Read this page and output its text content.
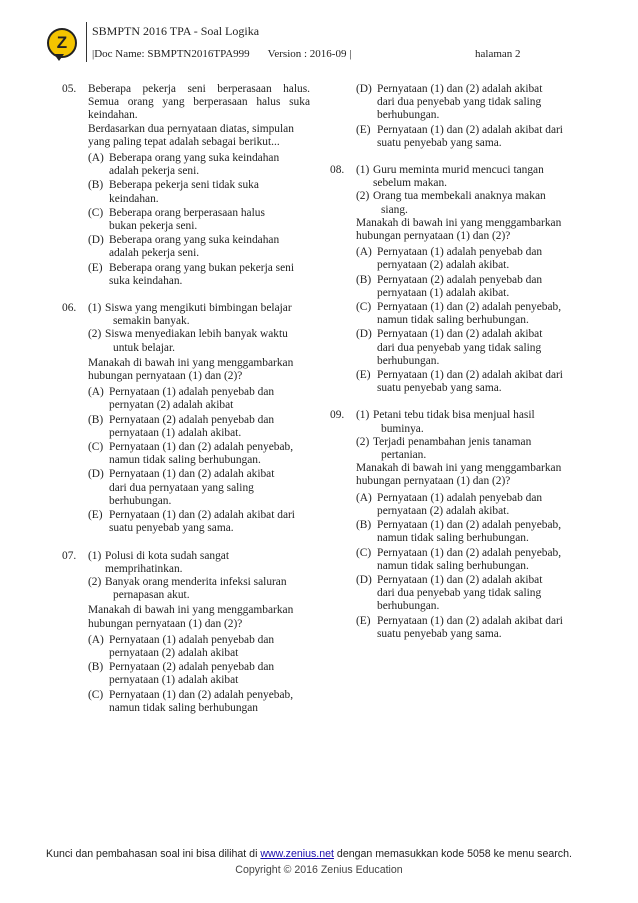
Z
SBMPTN 2016 TPA - Soal Logika
|Doc Name: SBMPTN2016TPA999 Version : 2016-09 |	halaman 2
05.	Beberapa pekerja seni berperasaan halus.
Semua orang yang berperasaan halus suka
keindahan.
Berdasarkan dua pernyataan diatas, simpulan
yang paling tepat adalah sebagai berikut...
(A) Beberapa orang yang suka keindahan
adalah pekerja seni.
(B) Beberapa pekerja seni tidak suka
keindahan.
(C) Beberapa orang berperasaan halus
bukan pekerja seni.
(D) Beberapa orang yang suka keindahan
adalah pekerja seni.
(E) Beberapa orang yang bukan pekerja seni
suka keindahan.
06.	(1) Siswa yang mengikuti bimbingan belajar
semakin banyak.
(2) Siswa menyediakan lebih banyak waktu
untuk belajar.
Manakah di bawah ini yang menggambarkan
hubungan pernyataan (1) dan (2)?
(A) Pernyataan (1) adalah penyebab dan
pernyatan (2) adalah akibat
(B) Pernyataan (2) adalah penyebab dan
pernyataan (1) adalah akibat.
(C) Pernyataan (1) dan (2) adalah penyebab,
namun tidak saling berhubungan.
(D) Pernyataan (1) dan (2) adalah akibat
dari dua pernyataan yang saling
berhubungan.
(E) Pernyataan (1) dan (2) adalah akibat dari
suatu penyebab yang sama.
07.	(1) Polusi di kota sudah sangat
memprihatinkan.
(2) Banyak orang menderita infeksi saluran
pernapasan akut.
Manakah di bawah ini yang menggambarkan
hubungan pernyataan (1) dan (2)?
(A) Pernyataan (1) adalah penyebab dan
pernyataan (2) adalah akibat
(B) Pernyataan (2) adalah penyebab dan
pernyataan (1) adalah akibat
(C) Pernyataan (1) dan (2) adalah penyebab,
namun tidak saling berhubungan
(D) Pernyataan (1) dan (2) adalah akibat
dari dua penyebab yang tidak saling
berhubungan.
(E) Pernyataan (1) dan (2) adalah akibat dari
suatu penyebab yang sama.
08.	(1) Guru meminta murid mencuci tangan
sebelum makan.
(2) Orang tua membekali anaknya makan
siang.
Manakah di bawah ini yang menggambarkan
hubungan pernyataan (1) dan (2)?
(A) Pernyataan (1) adalah penyebab dan
pernyataan (2) adalah akibat.
(B) Pernyataan (2) adalah penyebab dan
pernyataan (1) adalah akibat.
(C) Pernyataan (1) dan (2) adalah penyebab,
namun tidak saling berhubungan.
(D) Pernyataan (1) dan (2) adalah akibat
dari dua penyebab yang tidak saling
berhubungan.
(E) Pernyataan (1) dan (2) adalah akibat dari
suatu penyebab yang sama.
09.	(1) Petani tebu tidak bisa menjual hasil
buminya.
(2) Terjadi penambahan jenis tanaman
pertanian.
Manakah di bawah ini yang menggambarkan
hubungan pernyataan (1) dan (2)?
(A) Pernyataan (1) adalah penyebab dan
pernyataan (2) adalah akibat.
(B) Pernyataan (1) dan (2) adalah penyebab,
namun tidak saling berhubungan.
(C) Pernyataan (1) dan (2) adalah penyebab,
namun tidak saling berhubungan.
(D) Pernyataan (1) dan (2) adalah akibat
dari dua penyebab yang tidak saling
berhubungan.
(E) Pernyataan (1) dan (2) adalah akibat dari
suatu penyebab yang sama.
Kunci dan pembahasan soal ini bisa dilihat di www.zenius.net dengan memasukkan kode 5058 ke menu search.
Copyright © 2016 Zenius Education
